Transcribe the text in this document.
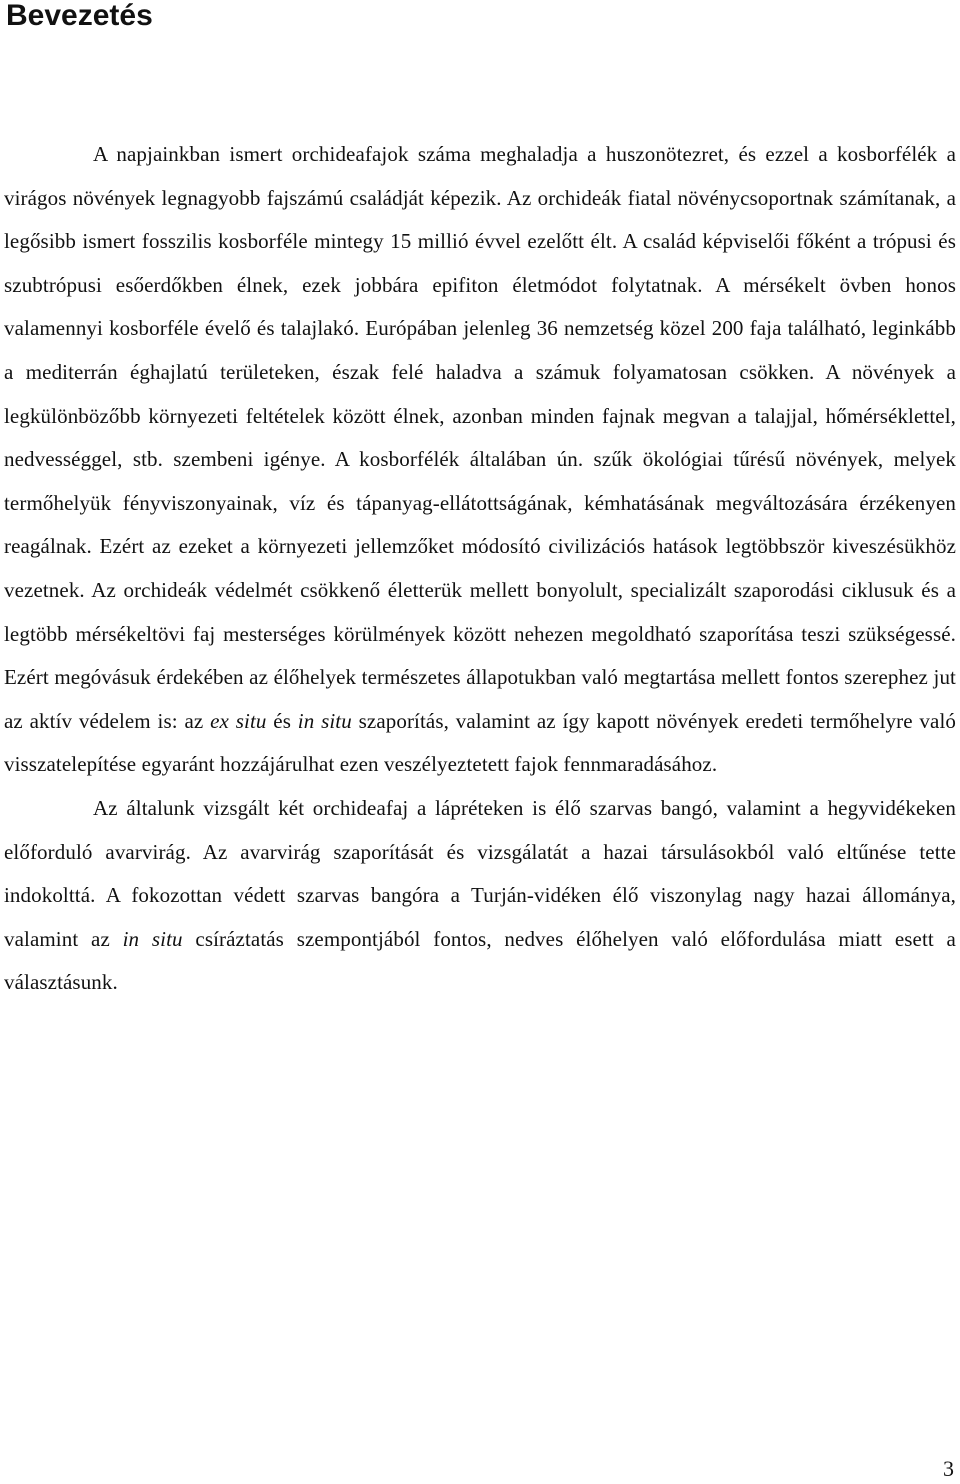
Bevezetés

A napjainkban ismert orchideafajok száma meghaladja a huszonötezret, és ezzel a kosborfélék a virágos növények legnagyobb fajszámú családját képezik. Az orchideák fiatal növénycsoportnak számítanak, a legősibb ismert fosszilis kosborféle mintegy 15 millió évvel ezelőtt élt. A család képviselői főként a trópusi és szubtrópusi esőerdőkben élnek, ezek jobbára epifiton életmódot folytatnak. A mérsékelt övben honos valamennyi kosborféle évelő és talajlakó. Európában jelenleg 36 nemzetség közel 200 faja található, leginkább a mediterrán éghajlatú területeken, észak felé haladva a számuk folyamatosan csökken. A növények a legkülönbözőbb környezeti feltételek között élnek, azonban minden fajnak megvan a talajjal, hőmérséklettel, nedvességgel, stb. szembeni igénye. A kosborfélék általában ún. szűk ökológiai tűrésű növények, melyek termőhelyük fényviszonyainak, víz és tápanyag-ellátottságának, kémhatásának megváltozására érzékenyen reagálnak. Ezért az ezeket a környezeti jellemzőket módosító civilizációs hatások legtöbbször kiveszésükhöz vezetnek. Az orchideák védelmét csökkenő életterük mellett bonyolult, specializált szaporodási ciklusuk és a legtöbb mérsékeltövi faj mesterséges körülmények között nehezen megoldható szaporítása teszi szükségessé. Ezért megóvásuk érdekében az élőhelyek természetes állapotukban való megtartása mellett fontos szerephez jut az aktív védelem is: az ex situ és in situ szaporítás, valamint az így kapott növények eredeti termőhelyre való visszatelepítése egyaránt hozzájárulhat ezen veszélyeztetett fajok fennmaradásához.

Az általunk vizsgált két orchideafaj a lápréteken is élő szarvas bangó, valamint a hegyvidékeken előforduló avarvirág. Az avarvirág szaporítását és vizsgálatát a hazai társulásokból való eltűnése tette indokolttá. A fokozottan védett szarvas bangóra a Turján-vidéken élő viszonylag nagy hazai állománya, valamint az in situ csíráztatás szempontjából fontos, nedves élőhelyen való előfordulása miatt esett a választásunk.

3
